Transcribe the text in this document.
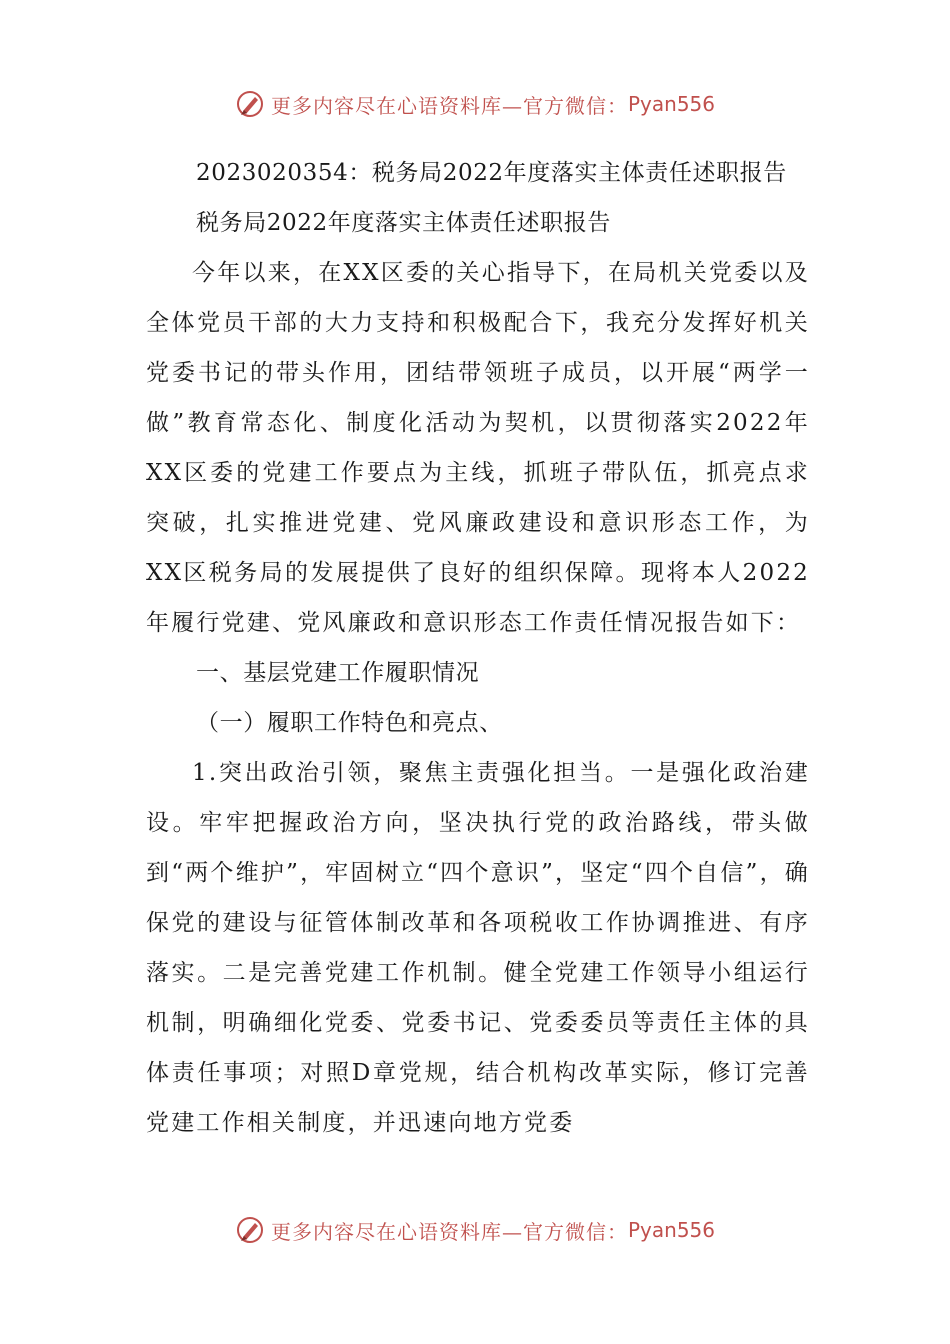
更多内容尽在心语资料库—官方微信： Pyan556
2023020354：税务局2022年度落实主体责任述职报告
税务局2022年度落实主体责任述职报告
今年以来，在XX区委的关心指导下，在局机关党委以及全体党员干部的大力支持和积极配合下，我充分发挥好机关党委书记的带头作用，团结带领班子成员，以开展“两学一做”教育常态化、制度化活动为契机，以贯彻落实2022年XX区委的党建工作要点为主线，抓班子带队伍，抓亮点求突破，扎实推进党建、党风廉政建设和意识形态工作，为XX区税务局的发展提供了良好的组织保障。现将本人2022年履行党建、党风廉政和意识形态工作责任情况报告如下：
一、基层党建工作履职情况
（一）履职工作特色和亮点、
1.突出政治引领，聚焦主责强化担当。一是强化政治建设。牢牢把握政治方向，坚决执行党的政治路线，带头做到“两个维护”，牢固树立“四个意识”，坚定“四个自信”，确保党的建设与征管体制改革和各项税收工作协调推进、有序落实。二是完善党建工作机制。健全党建工作领导小组运行机制，明确细化党委、党委书记、党委委员等责任主体的具体责任事项；对照D章党规，结合机构改革实际，修订完善党建工作相关制度，并迅速向地方党委
更多内容尽在心语资料库—官方微信： Pyan556
